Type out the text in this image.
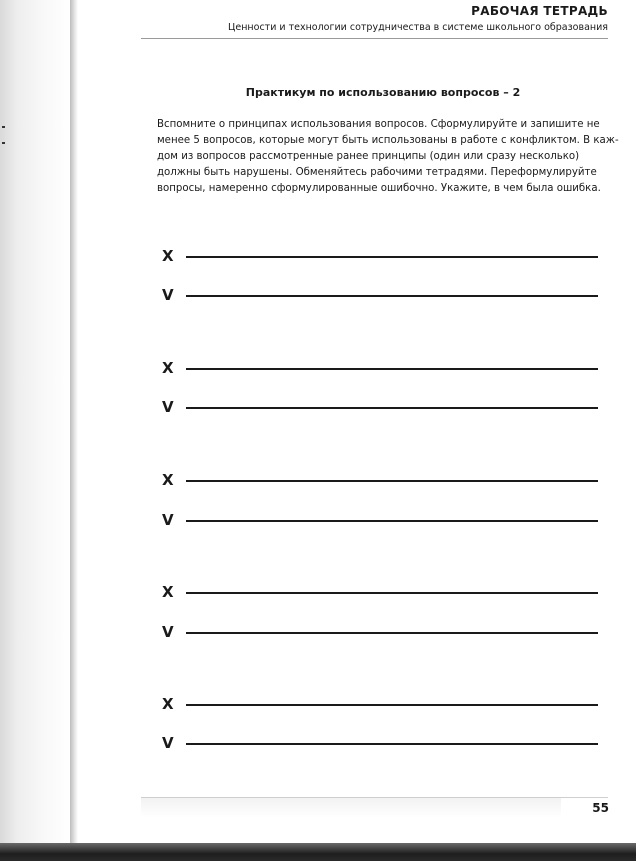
РАБОЧАЯ ТЕТРАДЬ
Ценности и технологии сотрудничества в системе школьного образования
Практикум по использованию вопросов – 2
Вспомните о принципах использования вопросов. Сформулируйте и запишите не
менее 5 вопросов, которые могут быть использованы в работе с конфликтом. В каж-
дом из вопросов рассмотренные ранее принципы (один или сразу несколько)
должны быть нарушены. Обменяйтесь рабочими тетрадями. Переформулируйте
вопросы, намеренно сформулированные ошибочно. Укажите, в чем была ошибка.
X
V
X
V
X
V
X
V
X
V
55
